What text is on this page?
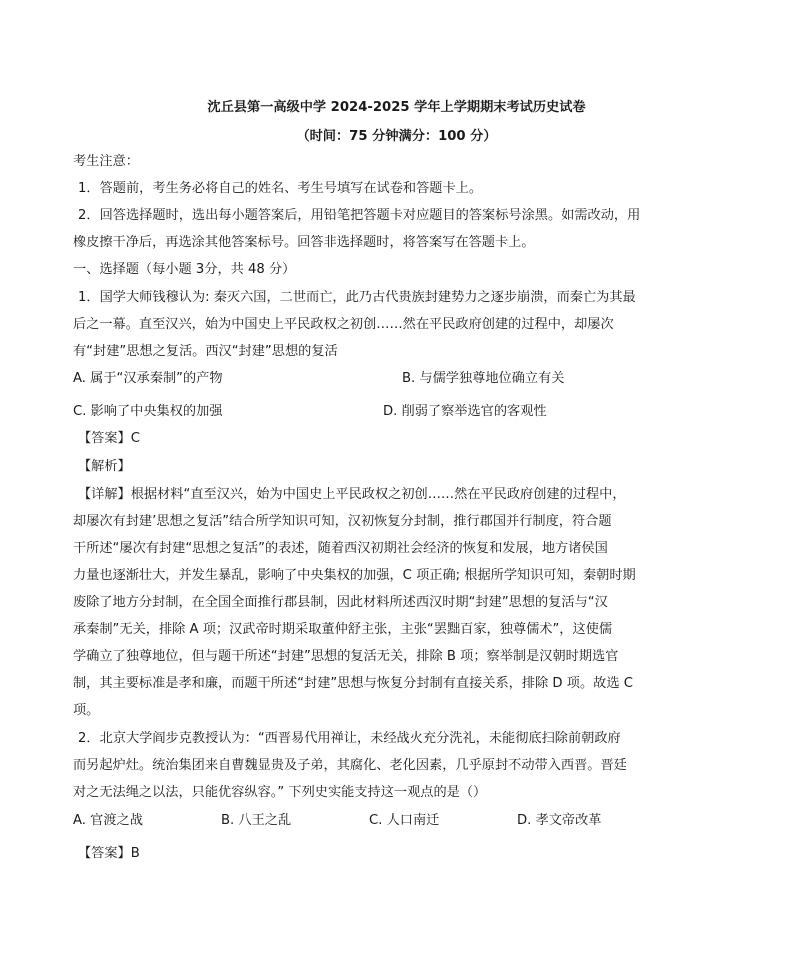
沈丘县第一高级中学 2024-2025 学年上学期期末考试历史试卷
（时间：75 分钟满分：100 分）
考生注意：
1．答题前，考生务必将自己的姓名、考生号填写在试卷和答题卡上。
2．回答选择题时，选出每小题答案后，用铅笔把答题卡对应题目的答案标号涂黑。如需改动，用
橡皮擦干净后，再选涂其他答案标号。回答非选择题时，将答案写在答题卡上。
一、选择题（每小题 3分，共 48 分）
1．国学大师钱穆认为: 秦灭六国，二世而亡，此乃古代贵族封建势力之逐步崩溃，而秦亡为其最
后之一幕。直至汉兴，始为中国史上平民政权之初创……然在平民政府创建的过程中，却屡次
有“封建”思想之复活。西汉“封建”思想的复活
A. 属于“汉承秦制”的产物	B. 与儒学独尊地位确立有关
C. 影响了中央集权的加强	D. 削弱了察举选官的客观性
【答案】C
【解析】
【详解】根据材料“直至汉兴，始为中国史上平民政权之初创……然在平民政府创建的过程中，
却屡次有封建’思想之复活”结合所学知识可知，汉初恢复分封制，推行郡国并行制度，符合题
干所述“屡次有封建“思想之复活”的表述，随着西汉初期社会经济的恢复和发展，地方诸侯国
力量也逐渐壮大，并发生暴乱，影响了中央集权的加强，C 项正确; 根据所学知识可知，秦朝时期
废除了地方分封制，在全国全面推行郡县制，因此材料所述西汉时期“封建”思想的复活与“汉
承秦制”无关，排除 A 项；汉武帝时期采取董仲舒主张，主张“罢黜百家，独尊儒术”，这使儒
学确立了独尊地位，但与题干所述“封建”思想的复活无关，排除 B 项；察举制是汉朝时期选官
制，其主要标准是孝和廉，而题干所述“封建”思想与恢复分封制有直接关系，排除 D 项。故选 C
项。
2．北京大学阎步克教授认为：“西晋易代用禅让，未经战火充分洗礼，未能彻底扫除前朝政府
而另起炉灶。统治集团来自曹魏显贵及子弟，其腐化、老化因素，几乎原封不动带入西晋。晋廷
对之无法绳之以法，只能优容纵容。” 下列史实能支持这一观点的是（）
A. 官渡之战	B. 八王之乱	C. 人口南迁	D. 孝文帝改革
【答案】B
